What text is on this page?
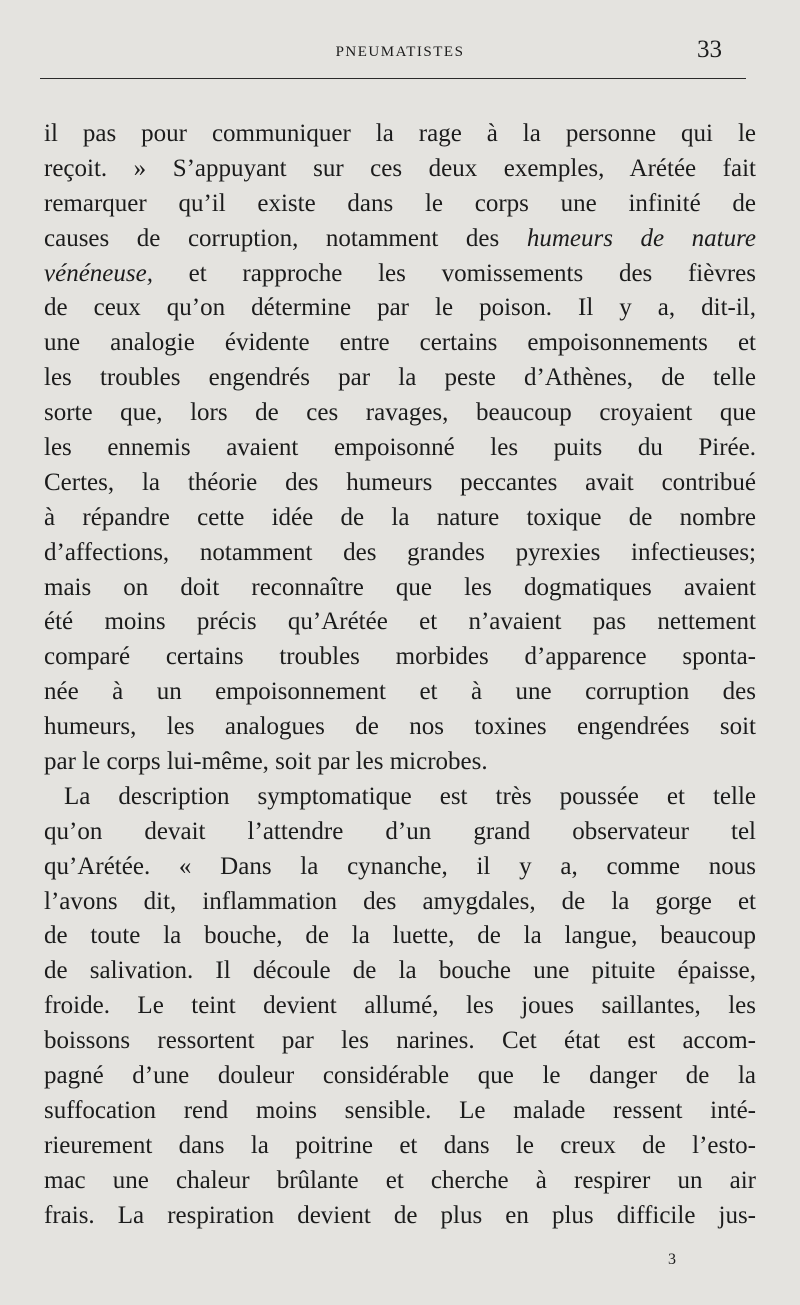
PNEUMATISTES	33
il pas pour communiquer la rage à la personne qui le
reçoit. » S’appuyant sur ces deux exemples, Arétée fait
remarquer qu’il existe dans le corps une infinité de
causes de corruption, notamment des humeurs de nature
vénéneuse, et rapproche les vomissements des fièvres
de ceux qu’on détermine par le poison. Il y a, dit-il,
une analogie évidente entre certains empoisonnements et
les troubles engendrés par la peste d’Athènes, de telle
sorte que, lors de ces ravages, beaucoup croyaient que
les ennemis avaient empoisonné les puits du Pirée.
Certes, la théorie des humeurs peccantes avait contribué
à répandre cette idée de la nature toxique de nombre
d’affections, notamment des grandes pyrexies infectieuses;
mais on doit reconnaître que les dogmatiques avaient
été moins précis qu’Arétée et n’avaient pas nettement
comparé certains troubles morbides d’apparence sponta-
née à un empoisonnement et à une corruption des
humeurs, les analogues de nos toxines engendrées soit
par le corps lui-même, soit par les microbes.
La description symptomatique est très poussée et telle
qu’on devait l’attendre d’un grand observateur tel
qu’Arétée. « Dans la cynanche, il y a, comme nous
l’avons dit, inflammation des amygdales, de la gorge et
de toute la bouche, de la luette, de la langue, beaucoup
de salivation. Il découle de la bouche une pituite épaisse,
froide. Le teint devient allumé, les joues saillantes, les
boissons ressortent par les narines. Cet état est accom-
pagné d’une douleur considérable que le danger de la
suffocation rend moins sensible. Le malade ressent inté-
rieurement dans la poitrine et dans le creux de l’esto-
mac une chaleur brûlante et cherche à respirer un air
frais. La respiration devient de plus en plus difficile jus-
3
